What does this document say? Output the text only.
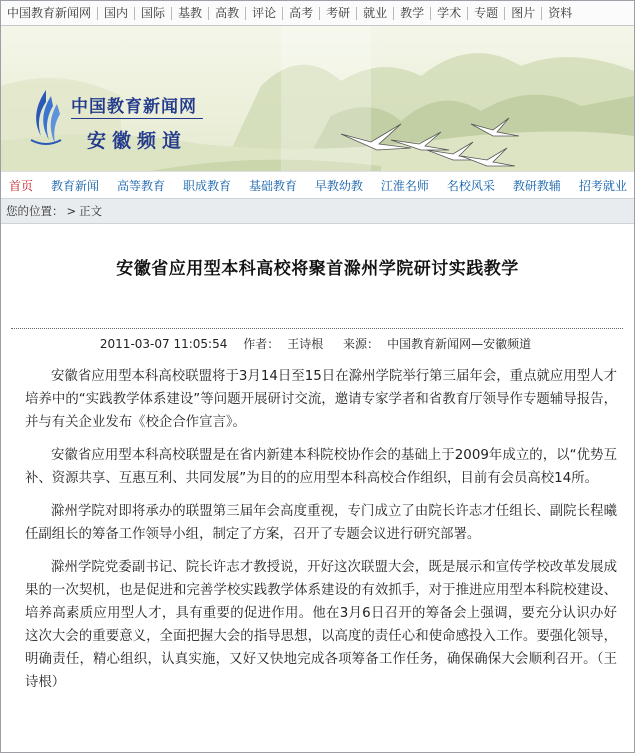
中国教育新闻网	国内	国际	基教	高教	评论	高考	考研	就业	教学	学术	专题	图片	资料
中国教育新闻网
安徽频道
首页 教育新闻 高等教育 职成教育 基础教育 早教幼教 江淮名师 名校风采 教研教辅 招考就业
您的位置： > 正文
安徽省应用型本科高校将聚首滁州学院研讨实践教学
2011-03-07 11:05:54 作者： 王诗根 来源： 中国教育新闻网—安徽频道

安徽省应用型本科高校联盟将于3月14日至15日在滁州学院举行第三届年会，重点就应用型人才培养中的“实践教学体系建设”等问题开展研讨交流，邀请专家学者和省教育厅领导作专题辅导报告，并与有关企业发布《校企合作宣言》。

安徽省应用型本科高校联盟是在省内新建本科院校协作会的基础上于2009年成立的，以“优势互补、资源共享、互惠互利、共同发展”为目的的应用型本科高校合作组织，目前有会员高校14所。

滁州学院对即将承办的联盟第三届年会高度重视，专门成立了由院长许志才任组长、副院长程曦任副组长的筹备工作领导小组，制定了方案，召开了专题会议进行研究部署。

滁州学院党委副书记、院长许志才教授说，开好这次联盟大会，既是展示和宣传学校改革发展成果的一次契机，也是促进和完善学校实践教学体系建设的有效抓手，对于推进应用型本科院校建设、培养高素质应用型人才，具有重要的促进作用。他在3月6日召开的筹备会上强调，要充分认识办好这次大会的重要意义，全面把握大会的指导思想，以高度的责任心和使命感投入工作。要强化领导，明确责任，精心组织，认真实施，又好又快地完成各项筹备工作任务，确保确保大会顺利召开。（王诗根）
